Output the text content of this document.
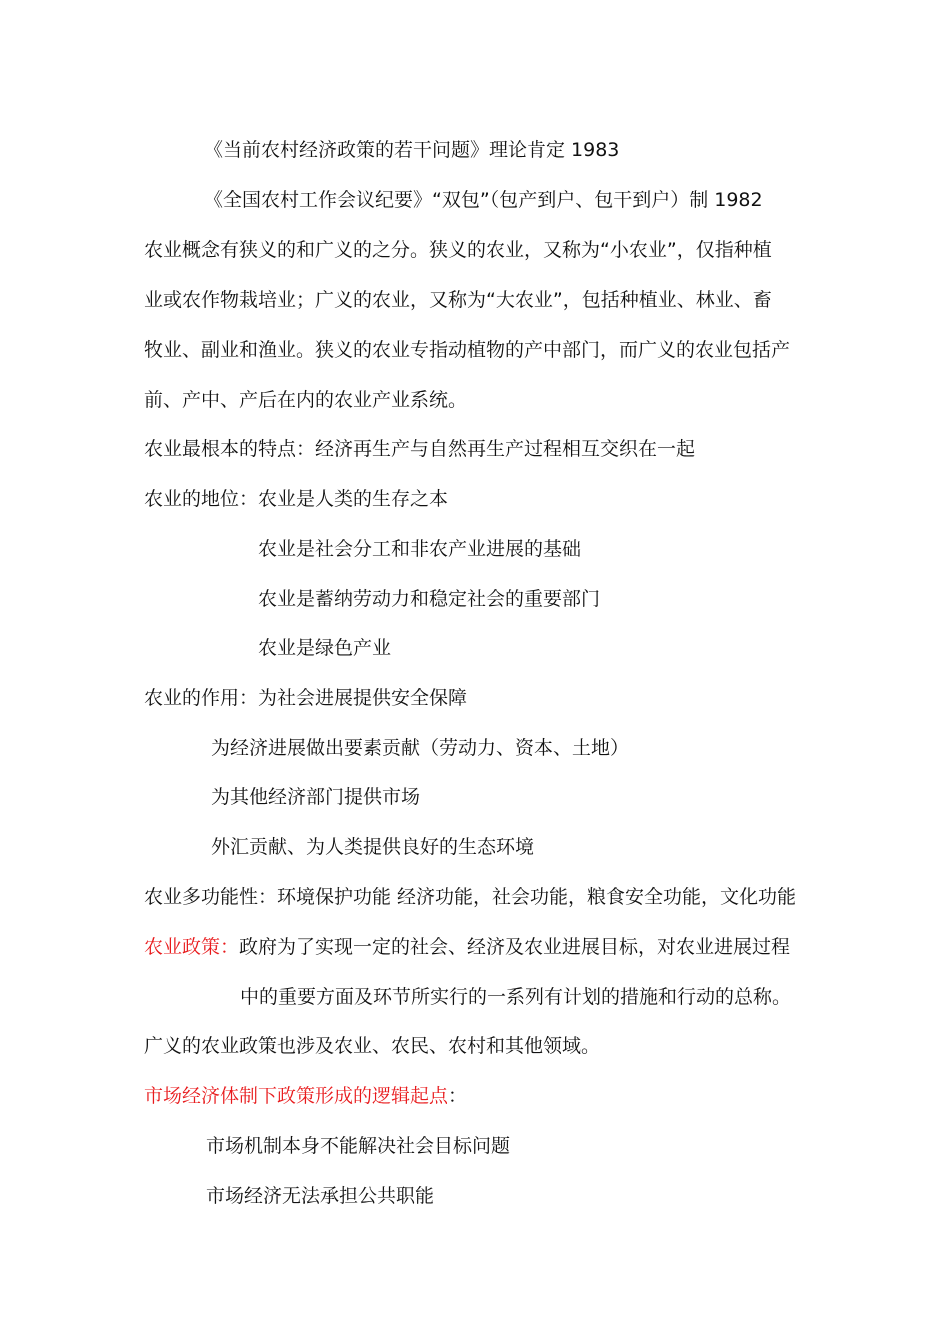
《当前农村经济政策的若干问题》理论肯定 1983
《全国农村工作会议纪要》“双包”（包产到户、包干到户）制 1982
农业概念有狭义的和广义的之分。狭义的农业，又称为“小农业”，仅指种植
业或农作物栽培业；广义的农业，又称为“大农业”，包括种植业、林业、畜
牧业、副业和渔业。狭义的农业专指动植物的产中部门，而广义的农业包括产
前、产中、产后在内的农业产业系统。
农业最根本的特点：经济再生产与自然再生产过程相互交织在一起
农业的地位：农业是人类的生存之本
农业是社会分工和非农产业进展的基础
农业是蓄纳劳动力和稳定社会的重要部门
农业是绿色产业
农业的作用：为社会进展提供安全保障
为经济进展做出要素贡献（劳动力、资本、土地）
为其他经济部门提供市场
外汇贡献、为人类提供良好的生态环境
农业多功能性：环境保护功能 经济功能，社会功能，粮食安全功能，文化功能
农业政策：政府为了实现一定的社会、经济及农业进展目标，对农业进展过程
中的重要方面及环节所实行的一系列有计划的措施和行动的总称。
广义的农业政策也涉及农业、农民、农村和其他领域。
市场经济体制下政策形成的逻辑起点：
市场机制本身不能解决社会目标问题
市场经济无法承担公共职能
